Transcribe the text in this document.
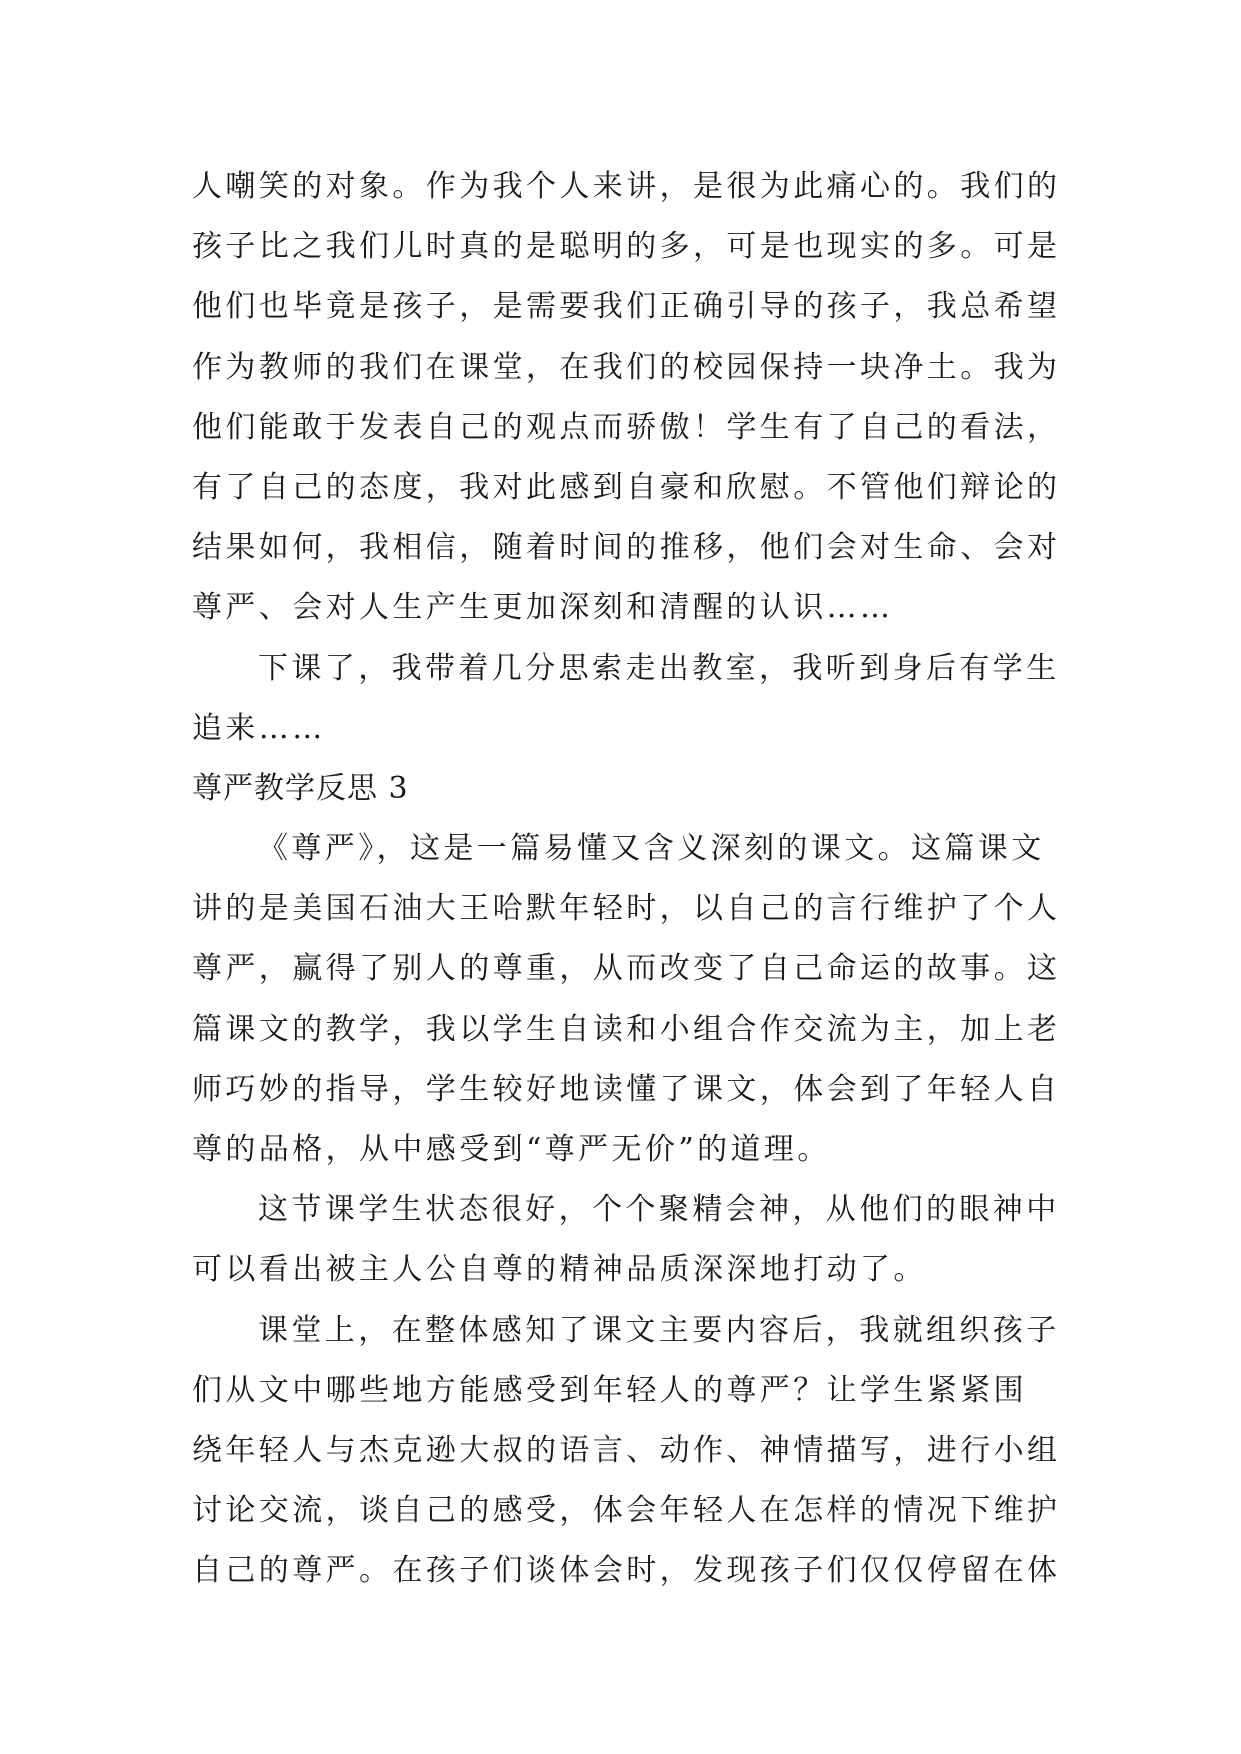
人嘲笑的对象。作为我个人来讲，是很为此痛心的。我们的
孩子比之我们儿时真的是聪明的多，可是也现实的多。可是
他们也毕竟是孩子，是需要我们正确引导的孩子，我总希望
作为教师的我们在课堂，在我们的校园保持一块净土。我为
他们能敢于发表自己的观点而骄傲！学生有了自己的看法，
有了自己的态度，我对此感到自豪和欣慰。不管他们辩论的
结果如何，我相信，随着时间的推移，他们会对生命、会对
尊严、会对人生产生更加深刻和清醒的认识……
下课了，我带着几分思索走出教室，我听到身后有学生
追来……
尊严教学反思 3
《尊严》，这是一篇易懂又含义深刻的课文。这篇课文
讲的是美国石油大王哈默年轻时，以自己的言行维护了个人
尊严，赢得了别人的尊重，从而改变了自己命运的故事。这
篇课文的教学，我以学生自读和小组合作交流为主，加上老
师巧妙的指导，学生较好地读懂了课文，体会到了年轻人自
尊的品格，从中感受到“尊严无价”的道理。
这节课学生状态很好，个个聚精会神，从他们的眼神中
可以看出被主人公自尊的精神品质深深地打动了。
课堂上，在整体感知了课文主要内容后，我就组织孩子
们从文中哪些地方能感受到年轻人的尊严？让学生紧紧围
绕年轻人与杰克逊大叔的语言、动作、神情描写，进行小组
讨论交流，谈自己的感受，体会年轻人在怎样的情况下维护
自己的尊严。在孩子们谈体会时，发现孩子们仅仅停留在体
